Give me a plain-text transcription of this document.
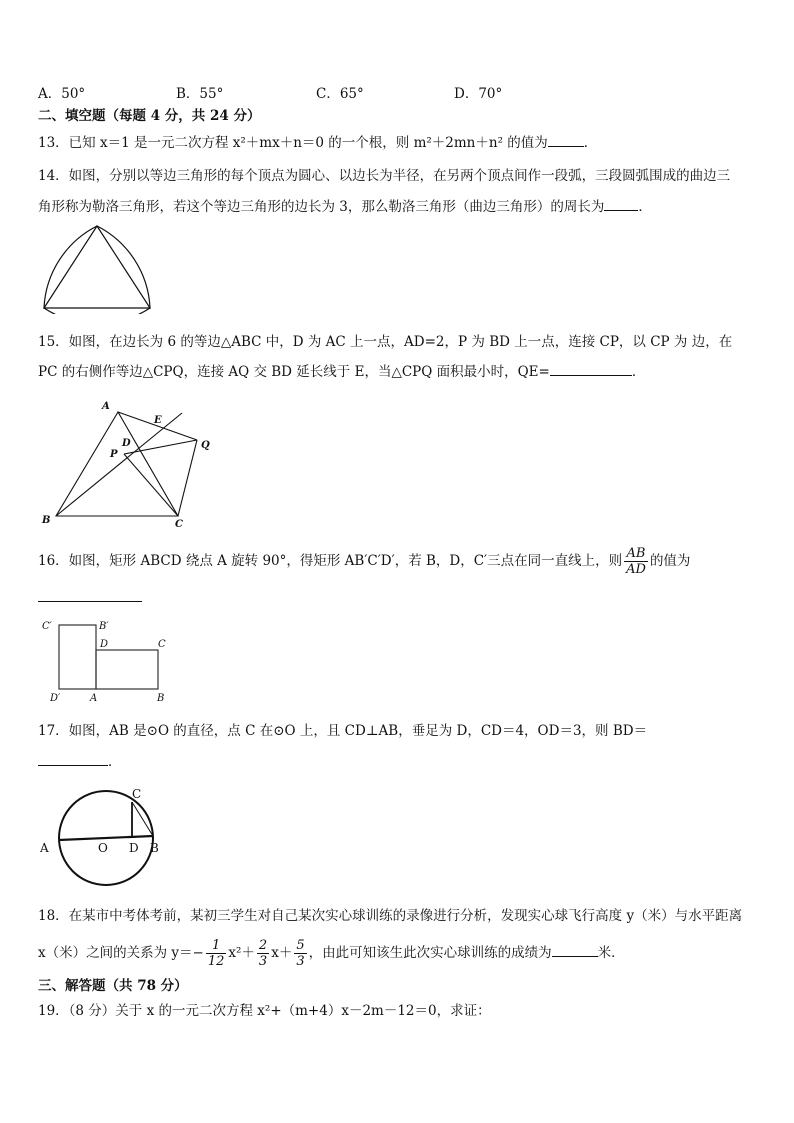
A．50°	B．55°	C．65°	D．70°
二、填空题（每题 4 分，共 24 分）
13．已知 x＝1 是一元二次方程 x²＋mx＋n＝0 的一个根，则 m²＋2mn＋n² 的值为	．
14．如图，分别以等边三角形的每个顶点为圆心、以边长为半径，在另两个顶点间作一段弧，三段圆弧围成的曲边三
角形称为勒洛三角形，若这个等边三角形的边长为 3，那么勒洛三角形（曲边三角形）的周长为	．
15．如图，在边长为 6 的等边△ABC 中，D 为 AC 上一点，AD=2，P 为 BD 上一点，连接 CP，以 CP 为 边，在
PC 的右侧作等边△CPQ，连接 AQ 交 BD 延长线于 E，当△CPQ 面积最小时，QE=	．
A
B	C
D
E
P
Q
16．如图，矩形 ABCD 绕点 A 旋转 90°，得矩形 AB′C′D′，若 B，D，C′三点在同一直线上，则 $\frac{AB}{AD}$ 的值为
C′	B′
D	C
D′	A	B
17．如图，AB 是⊙O 的直径，点 C 在⊙O 上，且 CD⊥AB，垂足为 D，CD＝4，OD＝3，则 BD＝
．
A	O D B
C
18．在某市中考体考前，某初三学生对自己某次实心球训练的录像进行分析，发现实心球飞行高度 y（米）与水平距离
x（米）之间的关系为 $y=- \frac{1}{12} x^2+ \frac{2}{3} x+ \frac{5}{3}$ ，由此可知该生此次实心球训练的成绩为	米．
三、解答题（共 78 分）
19．（8 分）关于 x 的一元二次方程 x²+（m+4）x－2m－12＝0，求证：
